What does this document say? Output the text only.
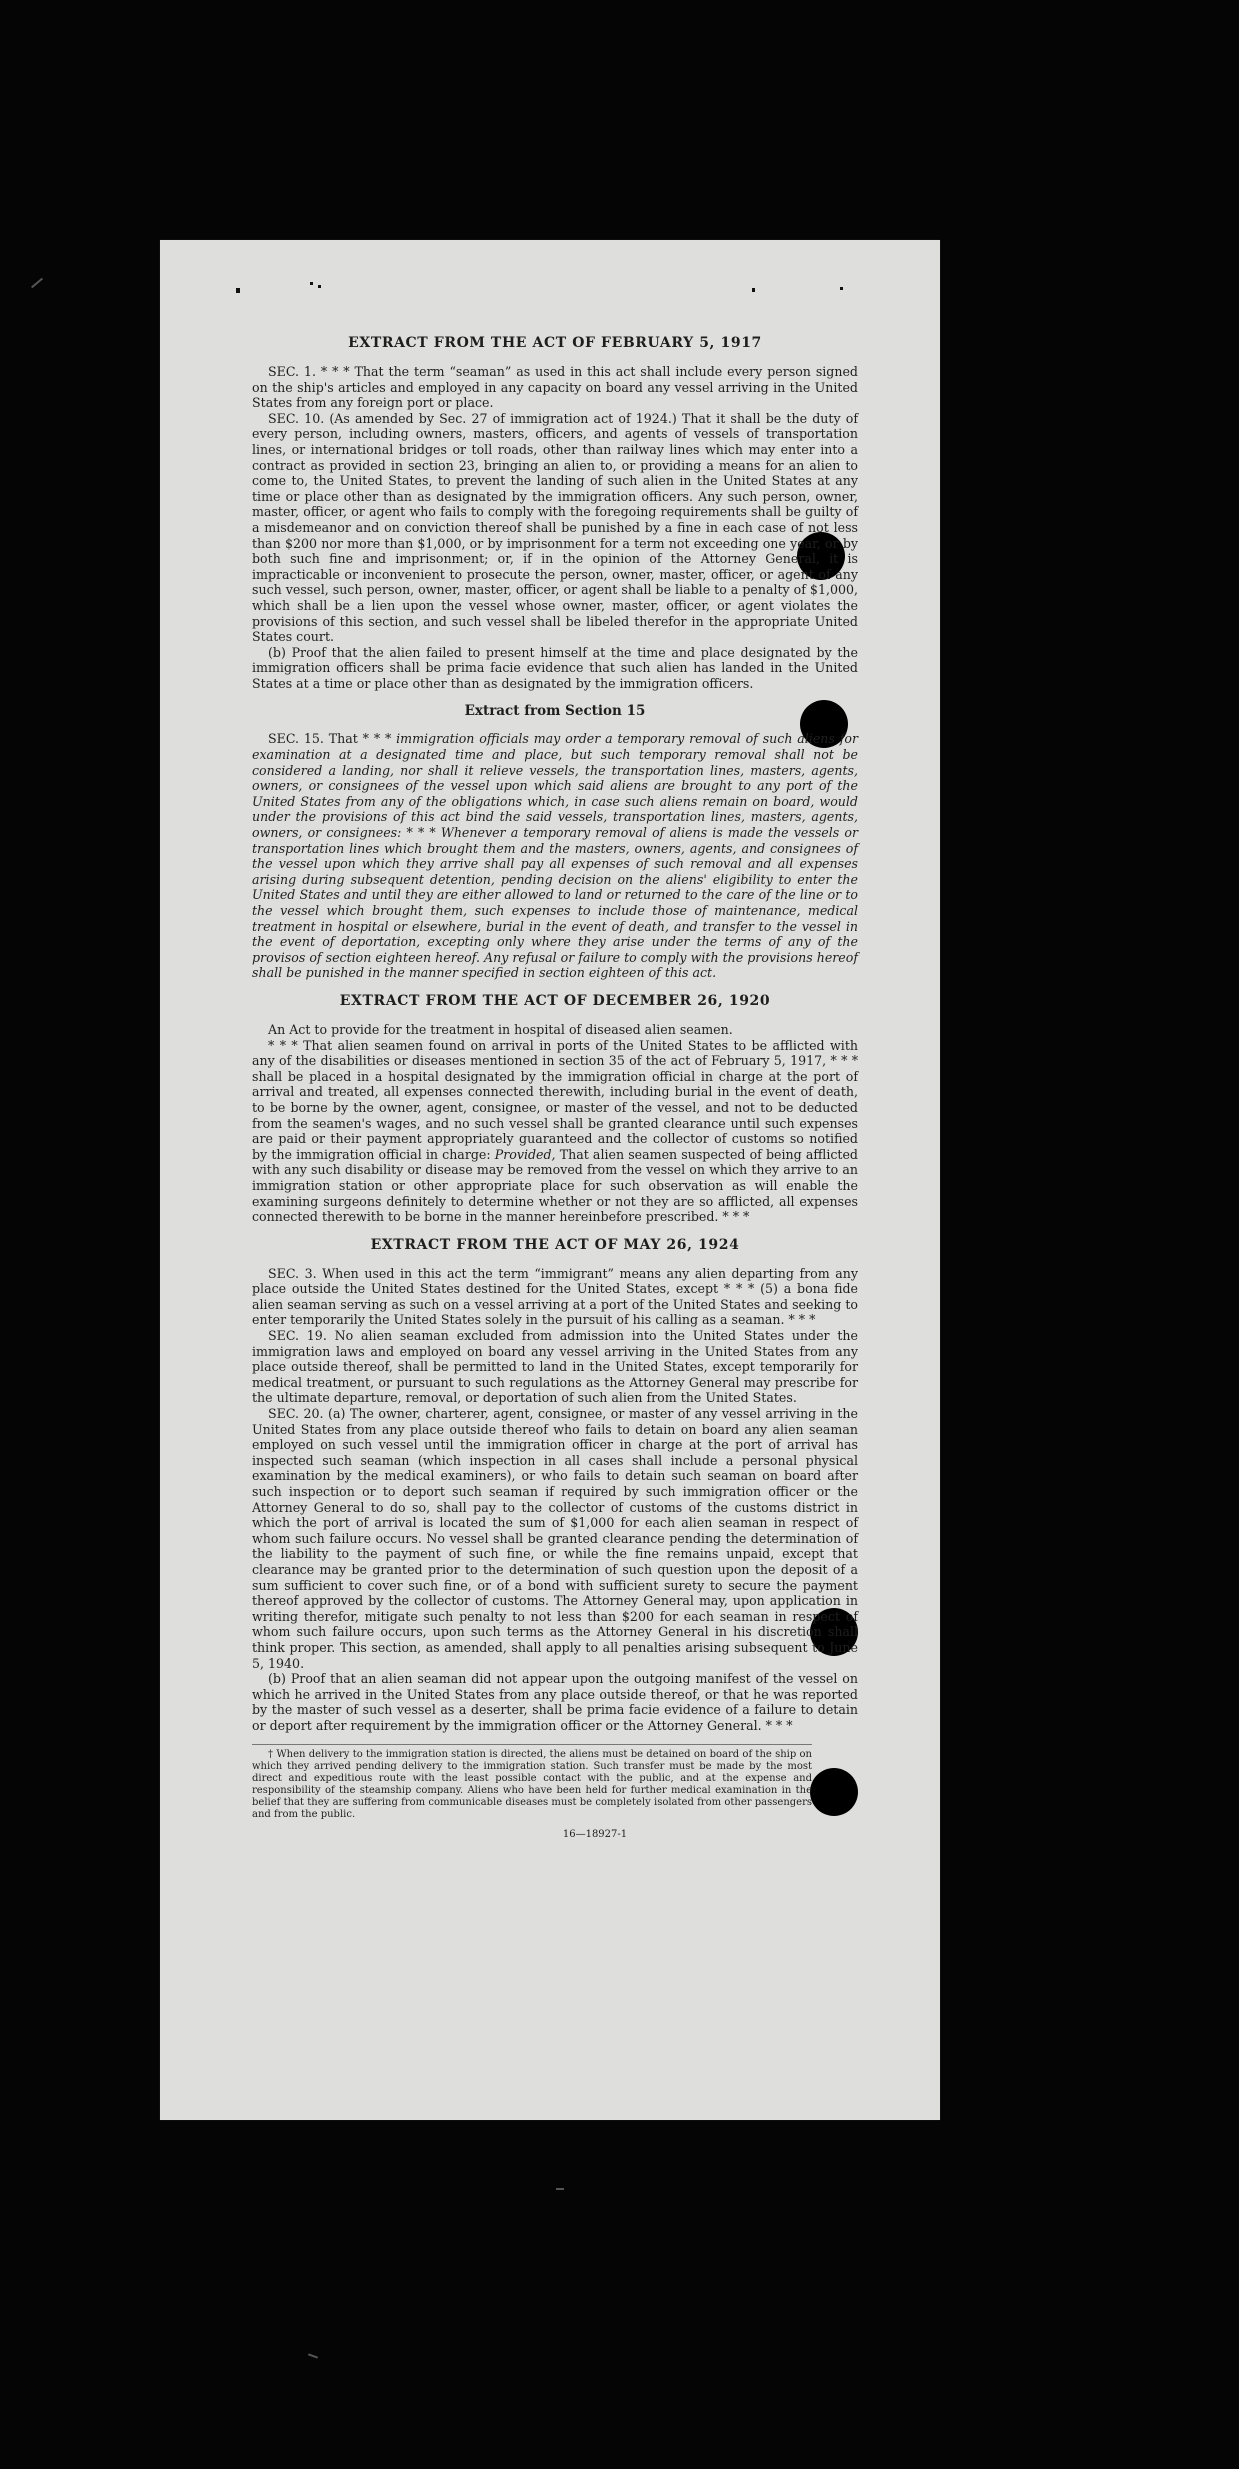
EXTRACT FROM THE ACT OF FEBRUARY 5, 1917

SEC. 1. * * * That the term “seaman” as used in this act shall include every person signed on the ship's articles and employed in any capacity on board any vessel arriving in the United States from any foreign port or place.

SEC. 10. (As amended by Sec. 27 of immigration act of 1924.) That it shall be the duty of every person, including owners, masters, officers, and agents of vessels of transportation lines, or international bridges or toll roads, other than railway lines which may enter into a contract as provided in section 23, bringing an alien to, or providing a means for an alien to come to, the United States, to prevent the landing of such alien in the United States at any time or place other than as designated by the immigration officers. Any such person, owner, master, officer, or agent who fails to comply with the foregoing requirements shall be guilty of a misdemeanor and on conviction thereof shall be punished by a fine in each case of not less than $200 nor more than $1,000, or by imprisonment for a term not exceeding one year, or by both such fine and imprisonment; or, if in the opinion of the Attorney General, it is impracticable or inconvenient to prosecute the person, owner, master, officer, or agent of any such vessel, such person, owner, master, officer, or agent shall be liable to a penalty of $1,000, which shall be a lien upon the vessel whose owner, master, officer, or agent violates the provisions of this section, and such vessel shall be libeled therefor in the appropriate United States court.

(b) Proof that the alien failed to present himself at the time and place designated by the immigration officers shall be prima facie evidence that such alien has landed in the United States at a time or place other than as designated by the immigration officers.

Extract from Section 15

SEC. 15. That * * * immigration officials may order a temporary removal of such aliens for examination at a designated time and place, but such temporary removal shall not be considered a landing, nor shall it relieve vessels, the transportation lines, masters, agents, owners, or consignees of the vessel upon which said aliens are brought to any port of the United States from any of the obligations which, in case such aliens remain on board, would under the provisions of this act bind the said vessels, transportation lines, masters, agents, owners, or consignees: * * * Whenever a temporary removal of aliens is made the vessels or transportation lines which brought them and the masters, owners, agents, and consignees of the vessel upon which they arrive shall pay all expenses of such removal and all expenses arising during subsequent detention, pending decision on the aliens' eligibility to enter the United States and until they are either allowed to land or returned to the care of the line or to the vessel which brought them, such expenses to include those of maintenance, medical treatment in hospital or elsewhere, burial in the event of death, and transfer to the vessel in the event of deportation, excepting only where they arise under the terms of any of the provisos of section eighteen hereof. Any refusal or failure to comply with the provisions hereof shall be punished in the manner specified in section eighteen of this act.

EXTRACT FROM THE ACT OF DECEMBER 26, 1920

An Act to provide for the treatment in hospital of diseased alien seamen.

* * * That alien seamen found on arrival in ports of the United States to be afflicted with any of the disabilities or diseases mentioned in section 35 of the act of February 5, 1917, * * * shall be placed in a hospital designated by the immigration official in charge at the port of arrival and treated, all expenses connected therewith, including burial in the event of death, to be borne by the owner, agent, consignee, or master of the vessel, and not to be deducted from the seamen's wages, and no such vessel shall be granted clearance until such expenses are paid or their payment appropriately guaranteed and the collector of customs so notified by the immigration official in charge: Provided, That alien seamen suspected of being afflicted with any such disability or disease may be removed from the vessel on which they arrive to an immigration station or other appropriate place for such observation as will enable the examining surgeons definitely to determine whether or not they are so afflicted, all expenses connected therewith to be borne in the manner hereinbefore prescribed. * * *

EXTRACT FROM THE ACT OF MAY 26, 1924

SEC. 3. When used in this act the term “immigrant” means any alien departing from any place outside the United States destined for the United States, except * * * (5) a bona fide alien seaman serving as such on a vessel arriving at a port of the United States and seeking to enter temporarily the United States solely in the pursuit of his calling as a seaman. * * *

SEC. 19. No alien seaman excluded from admission into the United States under the immigration laws and employed on board any vessel arriving in the United States from any place outside thereof, shall be permitted to land in the United States, except temporarily for medical treatment, or pursuant to such regulations as the Attorney General may prescribe for the ultimate departure, removal, or deportation of such alien from the United States.

SEC. 20. (a) The owner, charterer, agent, consignee, or master of any vessel arriving in the United States from any place outside thereof who fails to detain on board any alien seaman employed on such vessel until the immigration officer in charge at the port of arrival has inspected such seaman (which inspection in all cases shall include a personal physical examination by the medical examiners), or who fails to detain such seaman on board after such inspection or to deport such seaman if required by such immigration officer or the Attorney General to do so, shall pay to the collector of customs of the customs district in which the port of arrival is located the sum of $1,000 for each alien seaman in respect of whom such failure occurs. No vessel shall be granted clearance pending the determination of the liability to the payment of such fine, or while the fine remains unpaid, except that clearance may be granted prior to the determination of such question upon the deposit of a sum sufficient to cover such fine, or of a bond with sufficient surety to secure the payment thereof approved by the collector of customs. The Attorney General may, upon application in writing therefor, mitigate such penalty to not less than $200 for each seaman in respect of whom such failure occurs, upon such terms as the Attorney General in his discretion shall think proper. This section, as amended, shall apply to all penalties arising subsequent to June 5, 1940.

(b) Proof that an alien seaman did not appear upon the outgoing manifest of the vessel on which he arrived in the United States from any place outside thereof, or that he was reported by the master of such vessel as a deserter, shall be prima facie evidence of a failure to detain or deport after requirement by the immigration officer or the Attorney General. * * *

† When delivery to the immigration station is directed, the aliens must be detained on board of the ship on which they arrived pending delivery to the immigration station. Such transfer must be made by the most direct and expeditious route with the least possible contact with the public, and at the expense and responsibility of the steamship company. Aliens who have been held for further medical examination in the belief that they are suffering from communicable diseases must be completely isolated from other passengers and from the public.

16—18927-1
